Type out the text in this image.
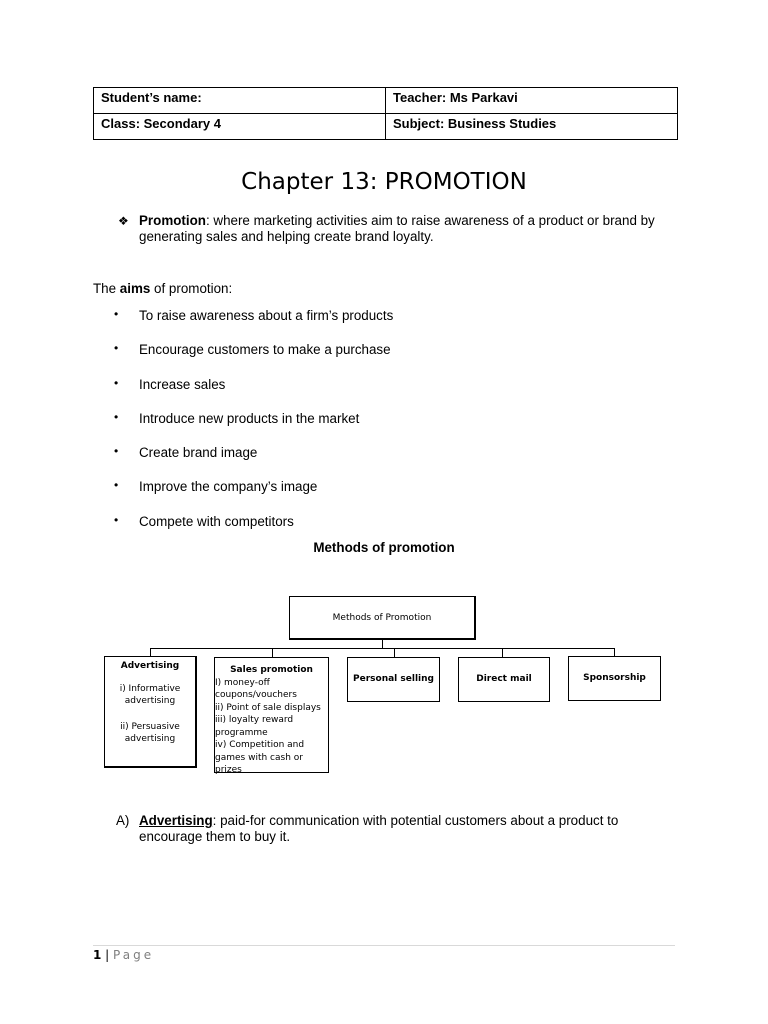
Student’s name:	Teacher: Ms Parkavi

Class: Secondary 4	Subject: Business Studies
Chapter 13: PROMOTION
❖ Promotion: where marketing activities aim to raise awareness of a product or brand by generating sales and helping create brand loyalty.
The aims of promotion:
• To raise awareness about a firm’s products
• Encourage customers to make a purchase
• Increase sales
• Introduce new products in the market
• Create brand image
• Improve the company’s image
• Compete with competitors
Methods of promotion
Methods of Promotion
Advertising
i) Informative advertising
ii) Persuasive advertising
Sales promotion
I) money-off coupons/vouchers
ii) Point of sale displays
iii) loyalty reward programme
iv) Competition and games with cash or prizes
Personal selling	Direct mail	Sponsorship
A) Advertising: paid-for communication with potential customers about a product to encourage them to buy it.
1 | Page
